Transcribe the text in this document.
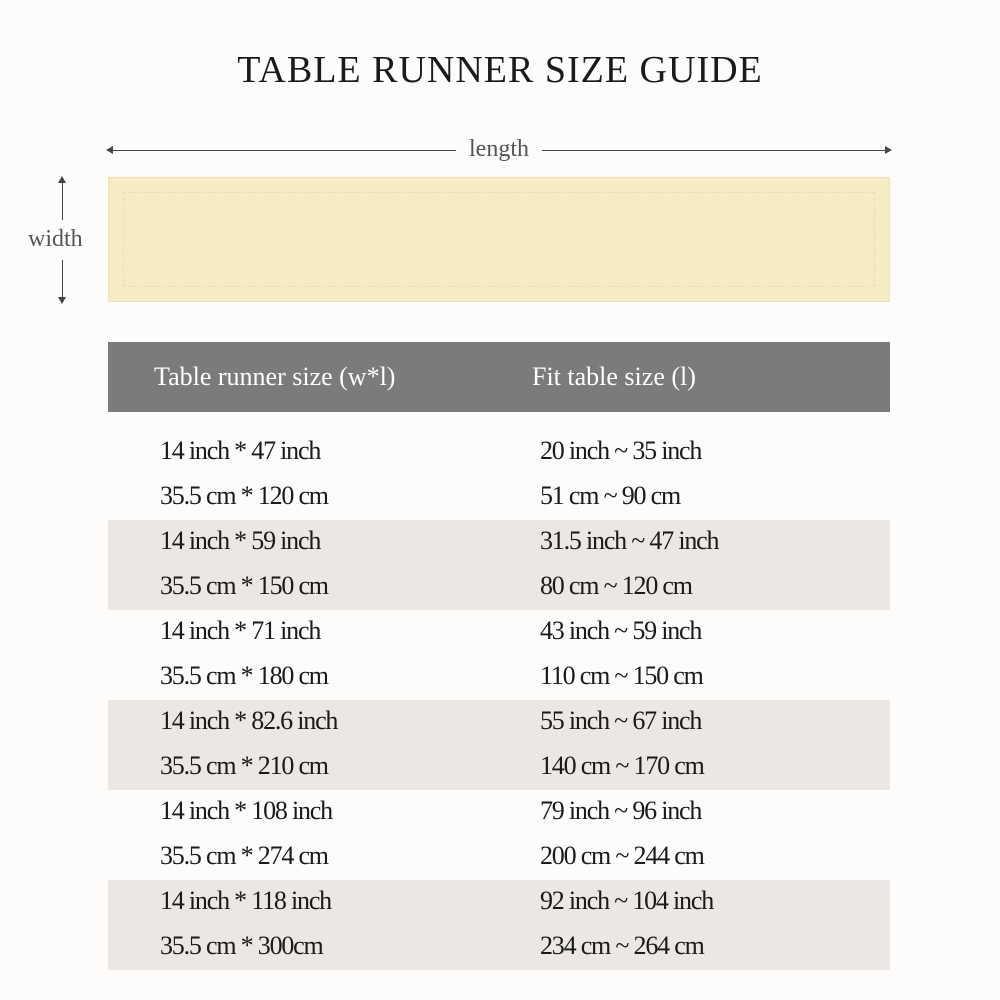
TABLE RUNNER SIZE GUIDE
length
width
Table runner size (w*l)	Fit table size (l)
14 inch * 47 inch
35.5 cm * 120 cm
20 inch ~ 35 inch
51 cm ~ 90 cm
14 inch * 59 inch
35.5 cm * 150 cm
31.5 inch ~ 47 inch
80 cm ~ 120 cm
14 inch * 71 inch
35.5 cm * 180 cm
43 inch ~ 59 inch
110 cm ~ 150 cm
14 inch * 82.6 inch
35.5 cm * 210 cm
55 inch ~ 67 inch
140 cm ~ 170 cm
14 inch * 108 inch
35.5 cm * 274 cm
79 inch ~ 96 inch
200 cm ~ 244 cm
14 inch * 118 inch
35.5 cm * 300cm
92 inch ~ 104 inch
234 cm ~ 264 cm
